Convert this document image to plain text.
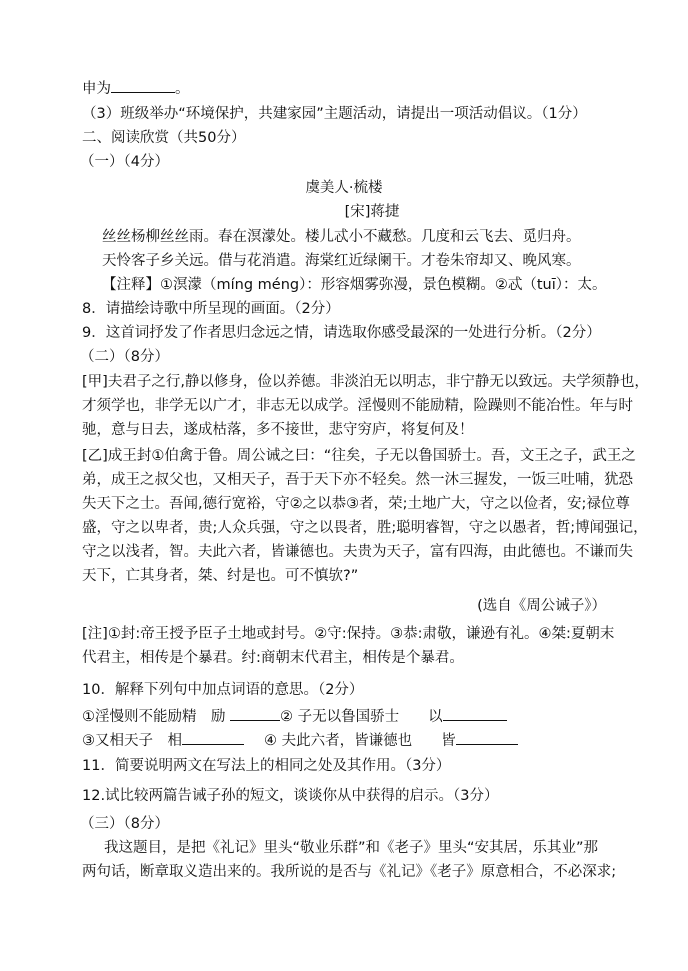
申为	。
（3）班级举办“环境保护，共建家园”主题活动，请提出一项活动倡议。（1分）
二、阅读欣赏（共50分）
（一）（4分）
虞美人·梳楼
[宋]蒋捷
丝丝杨柳丝丝雨。春在溟濛处。楼儿忒小不藏愁。几度和云飞去、觅归舟。
天怜客子乡关远。借与花消遣。海棠红近绿阑干。才卷朱帘却又、晚风寒。
【注释】①溟濛（míng méng）：形容烟雾弥漫，景色模糊。②忒（tuī）：太。
8．请描绘诗歌中所呈现的画面。（2分）
9．这首词抒发了作者思归念远之情，请选取你感受最深的一处进行分析。（2分）
（二）（8分）
[甲]夫君子之行,静以修身，俭以养德。非淡泊无以明志，非宁静无以致远。夫学须静也，
才须学也，非学无以广才，非志无以成学。淫慢则不能励精，险躁则不能冶性。年与时
驰，意与日去，遂成枯落，多不接世，悲守穷庐，将复何及！
[乙]成王封①伯禽于鲁。周公诫之曰：“往矣，子无以鲁国骄士。吾，文王之子，武王之
弟，成王之叔父也，又相天子，吾于天下亦不轻矣。然一沐三握发，一饭三吐哺，犹恐
失天下之士。吾闻,德行宽裕，守②之以恭③者，荣;土地广大，守之以俭者，安;禄位尊
盛，守之以卑者，贵;人众兵强，守之以畏者，胜;聪明睿智，守之以愚者，哲;博闻强记，
守之以浅者，智。夫此六者，皆谦德也。夫贵为天子，富有四海，由此德也。不谦而失
天下，亡其身者，桀、纣是也。可不慎欤?”
(选自《周公诫子》）
[注]①封:帝王授予臣子土地或封号。②守:保持。③恭:肃敬，谦逊有礼。④桀:夏朝末
代君主，相传是个暴君。纣:商朝末代君主，相传是个暴君。
10．解释下列句中加点词语的意思。（2分）
①淫慢则不能励精　励	② 子无以鲁国骄士　　以
③又相天子　相	④ 夫此六者，皆谦德也　　皆
11．简要说明两文在写法上的相同之处及其作用。（3分）
12.试比较两篇告诫子孙的短文，谈谈你从中获得的启示。（3分）
（三）（8分）
我这题目，是把《礼记》里头“敬业乐群”和《老子》里头“安其居，乐其业”那
两句话，断章取义造出来的。我所说的是否与《礼记》《老子》原意相合，不必深求;
